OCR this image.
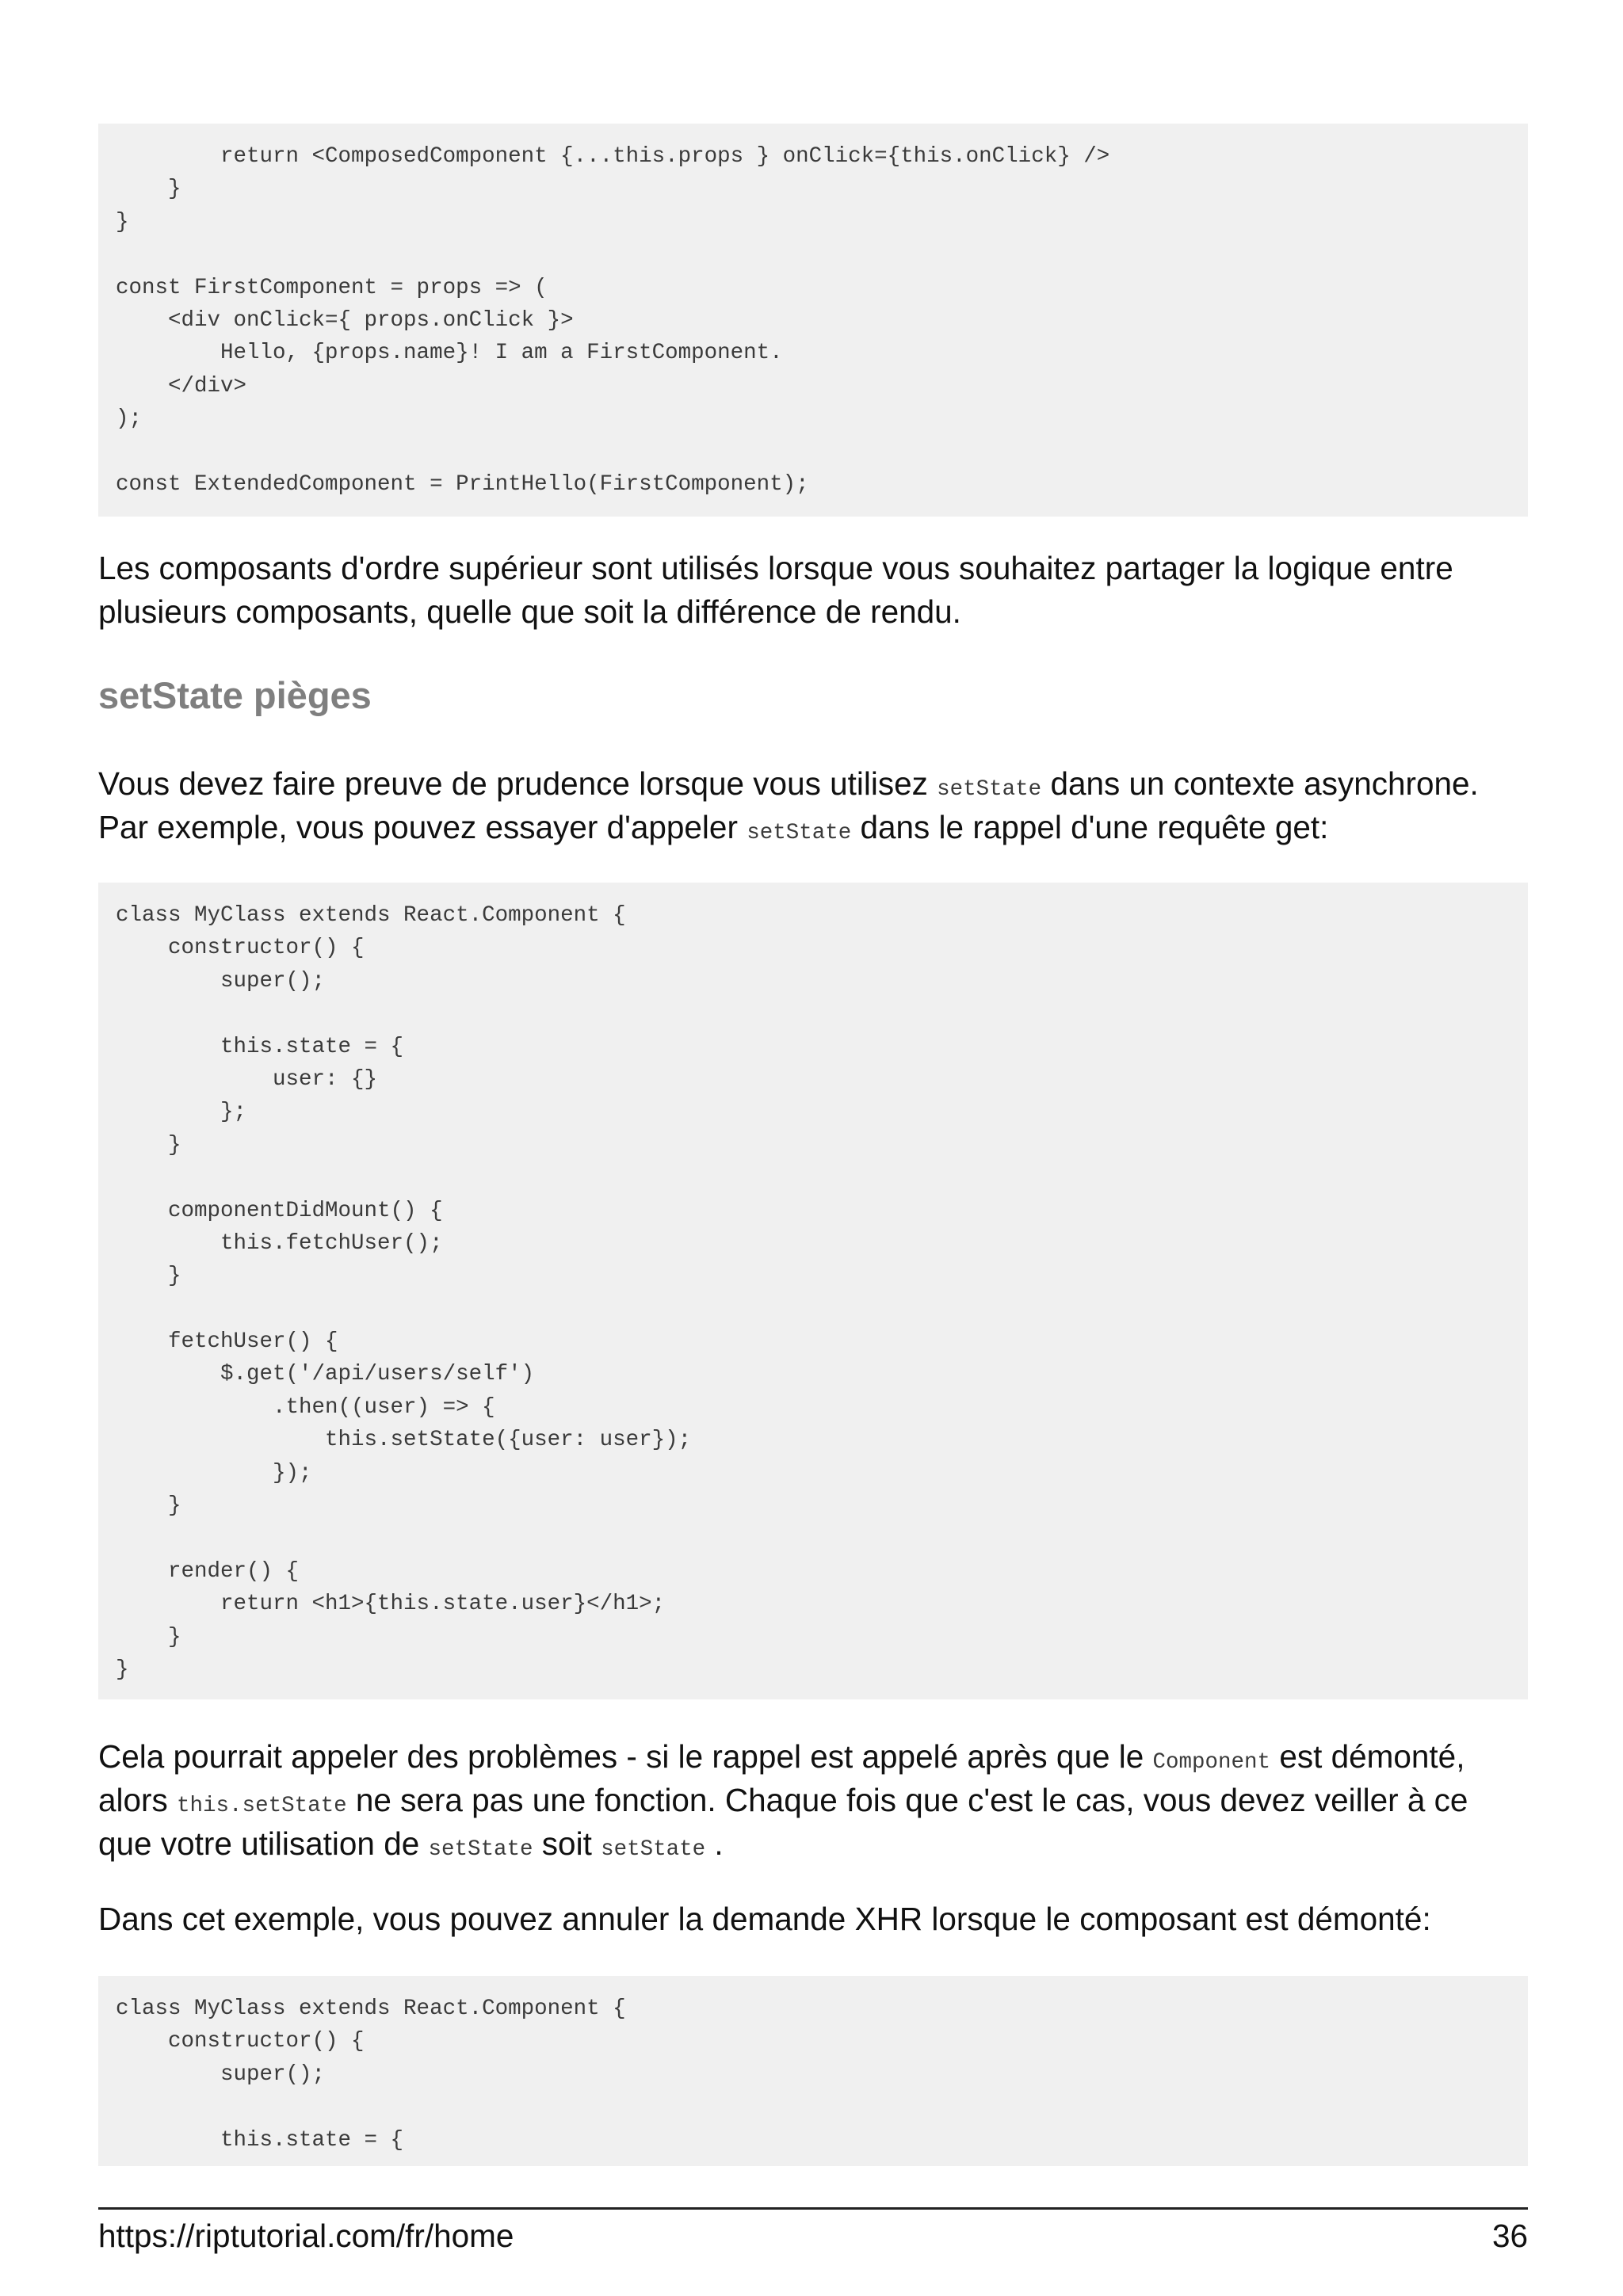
return <ComposedComponent {...this.props } onClick={this.onClick} />
}
}
const FirstComponent = props => (
<div onClick={ props.onClick }>
Hello, {props.name}! I am a FirstComponent.
</div>
);
const ExtendedComponent = PrintHello(FirstComponent);

Les composants d'ordre supérieur sont utilisés lorsque vous souhaitez partager la logique entre
plusieurs composants, quelle que soit la différence de rendu.

setState pièges

Vous devez faire preuve de prudence lorsque vous utilisez setState dans un contexte asynchrone.
Par exemple, vous pouvez essayer d'appeler setState dans le rappel d'une requête get:

class MyClass extends React.Component {
constructor() {
super();
this.state = {
user: {}
};
}
componentDidMount() {
this.fetchUser();
}
fetchUser() {
$.get('/api/users/self')
.then((user) => {
this.setState({user: user});
});
}
render() {
return <h1>{this.state.user}</h1>;
}
}

Cela pourrait appeler des problèmes - si le rappel est appelé après que le Component est démonté,
alors this.setState ne sera pas une fonction. Chaque fois que c'est le cas, vous devez veiller à ce
que votre utilisation de setState soit setState .

Dans cet exemple, vous pouvez annuler la demande XHR lorsque le composant est démonté:

class MyClass extends React.Component {
constructor() {
super();
this.state = {
https://riptutorial.com/fr/home	36
